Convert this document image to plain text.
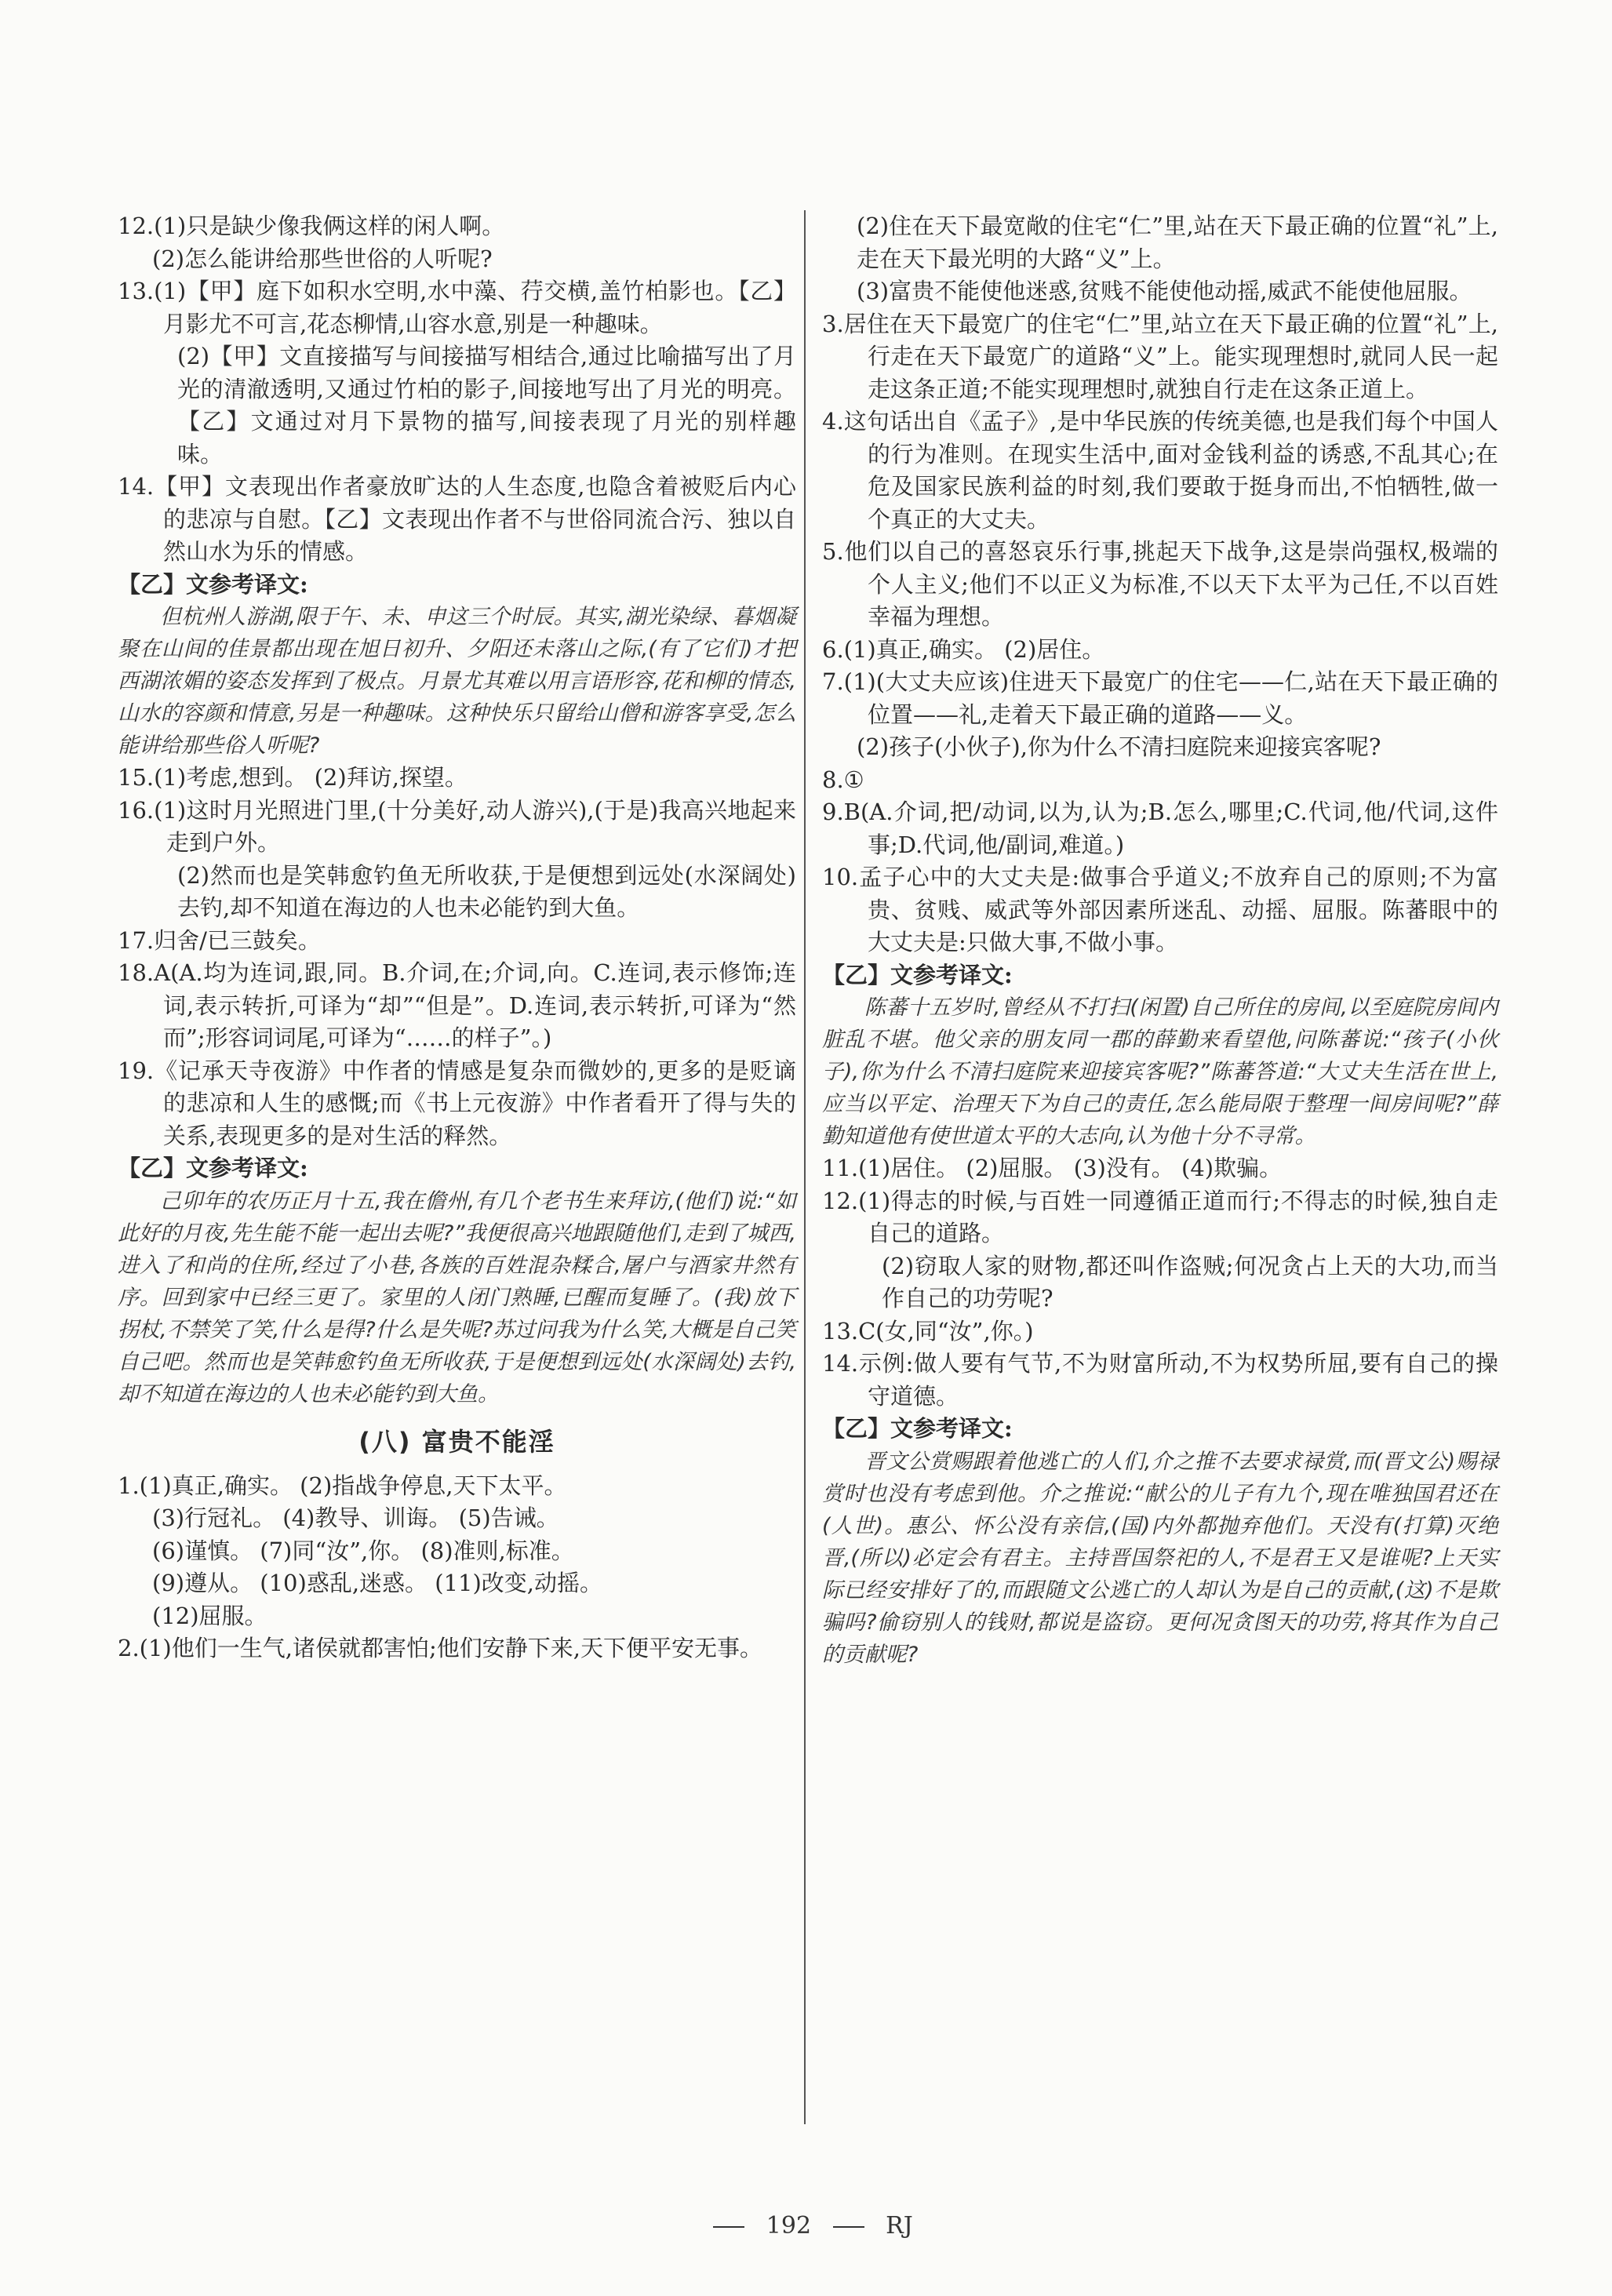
12.(1)只是缺少像我俩这样的闲人啊。

(2)怎么能讲给那些世俗的人听呢?

13.(1)【甲】庭下如积水空明,水中藻、荇交横,盖竹柏影也。【乙】月影尤不可言,花态柳情,山容水意,别是一种趣味。

(2)【甲】文直接描写与间接描写相结合,通过比喻描写出了月光的清澈透明,又通过竹柏的影子,间接地写出了月光的明亮。【乙】文通过对月下景物的描写,间接表现了月光的别样趣味。

14.【甲】文表现出作者豪放旷达的人生态度,也隐含着被贬后内心的悲凉与自慰。【乙】文表现出作者不与世俗同流合污、独以自然山水为乐的情感。

【乙】文参考译文:

但杭州人游湖,限于午、未、申这三个时辰。其实,湖光染绿、暮烟凝聚在山间的佳景都出现在旭日初升、夕阳还未落山之际,(有了它们)才把西湖浓媚的姿态发挥到了极点。月景尤其难以用言语形容,花和柳的情态,山水的容颜和情意,另是一种趣味。这种快乐只留给山僧和游客享受,怎么能讲给那些俗人听呢?

15.(1)考虑,想到。 (2)拜访,探望。

16.(1)这时月光照进门里,(十分美好,动人游兴),(于是)我高兴地起来走到户外。

(2)然而也是笑韩愈钓鱼无所收获,于是便想到远处(水深阔处)去钓,却不知道在海边的人也未必能钓到大鱼。

17.归舍/已三鼓矣。

18.A(A.均为连词,跟,同。B.介词,在;介词,向。C.连词,表示修饰;连词,表示转折,可译为“却”“但是”。D.连词,表示转折,可译为“然而”;形容词词尾,可译为“……的样子”。)

19.《记承天寺夜游》中作者的情感是复杂而微妙的,更多的是贬谪的悲凉和人生的感慨;而《书上元夜游》中作者看开了得与失的关系,表现更多的是对生活的释然。

【乙】文参考译文:

己卯年的农历正月十五,我在儋州,有几个老书生来拜访,(他们)说:“如此好的月夜,先生能不能一起出去呢?”我便很高兴地跟随他们,走到了城西,进入了和尚的住所,经过了小巷,各族的百姓混杂糅合,屠户与酒家井然有序。回到家中已经三更了。家里的人闭门熟睡,已醒而复睡了。(我)放下拐杖,不禁笑了笑,什么是得?什么是失呢?苏过问我为什么笑,大概是自己笑自己吧。然而也是笑韩愈钓鱼无所收获,于是便想到远处(水深阔处)去钓,却不知道在海边的人也未必能钓到大鱼。

(八) 富贵不能淫

1.(1)真正,确实。 (2)指战争停息,天下太平。

(3)行冠礼。 (4)教导、训诲。 (5)告诫。

(6)谨慎。 (7)同“汝”,你。 (8)准则,标准。

(9)遵从。 (10)惑乱,迷惑。 (11)改变,动摇。

(12)屈服。

2.(1)他们一生气,诸侯就都害怕;他们安静下来,天下便平安无事。

(2)住在天下最宽敞的住宅“仁”里,站在天下最正确的位置“礼”上,走在天下最光明的大路“义”上。

(3)富贵不能使他迷惑,贫贱不能使他动摇,威武不能使他屈服。

3.居住在天下最宽广的住宅“仁”里,站立在天下最正确的位置“礼”上,行走在天下最宽广的道路“义”上。能实现理想时,就同人民一起走这条正道;不能实现理想时,就独自行走在这条正道上。

4.这句话出自《孟子》,是中华民族的传统美德,也是我们每个中国人的行为准则。在现实生活中,面对金钱利益的诱惑,不乱其心;在危及国家民族利益的时刻,我们要敢于挺身而出,不怕牺牲,做一个真正的大丈夫。

5.他们以自己的喜怒哀乐行事,挑起天下战争,这是崇尚强权,极端的个人主义;他们不以正义为标准,不以天下太平为己任,不以百姓幸福为理想。

6.(1)真正,确实。 (2)居住。

7.(1)(大丈夫应该)住进天下最宽广的住宅——仁,站在天下最正确的位置——礼,走着天下最正确的道路——义。

(2)孩子(小伙子),你为什么不清扫庭院来迎接宾客呢?

8.①

9.B(A.介词,把/动词,以为,认为;B.怎么,哪里;C.代词,他/代词,这件事;D.代词,他/副词,难道。)

10.孟子心中的大丈夫是:做事合乎道义;不放弃自己的原则;不为富贵、贫贱、威武等外部因素所迷乱、动摇、屈服。陈蕃眼中的大丈夫是:只做大事,不做小事。

【乙】文参考译文:

陈蕃十五岁时,曾经从不打扫(闲置)自己所住的房间,以至庭院房间内脏乱不堪。他父亲的朋友同一郡的薛勤来看望他,问陈蕃说:“孩子(小伙子),你为什么不清扫庭院来迎接宾客呢?”陈蕃答道:“大丈夫生活在世上,应当以平定、治理天下为自己的责任,怎么能局限于整理一间房间呢?”薛勤知道他有使世道太平的大志向,认为他十分不寻常。

11.(1)居住。 (2)屈服。 (3)没有。 (4)欺骗。

12.(1)得志的时候,与百姓一同遵循正道而行;不得志的时候,独自走自己的道路。

(2)窃取人家的财物,都还叫作盗贼;何况贪占上天的大功,而当作自己的功劳呢?

13.C(女,同“汝”,你。)

14.示例:做人要有气节,不为财富所动,不为权势所屈,要有自己的操守道德。

【乙】文参考译文:

晋文公赏赐跟着他逃亡的人们,介之推不去要求禄赏,而(晋文公)赐禄赏时也没有考虑到他。介之推说:“献公的儿子有九个,现在唯独国君还在(人世)。惠公、怀公没有亲信,(国)内外都抛弃他们。天没有(打算)灭绝晋,(所以)必定会有君主。主持晋国祭祀的人,不是君王又是谁呢?上天实际已经安排好了的,而跟随文公逃亡的人却认为是自己的贡献,(这)不是欺骗吗?偷窃别人的钱财,都说是盗窃。更何况贪图天的功劳,将其作为自己的贡献呢?

192	RJ
